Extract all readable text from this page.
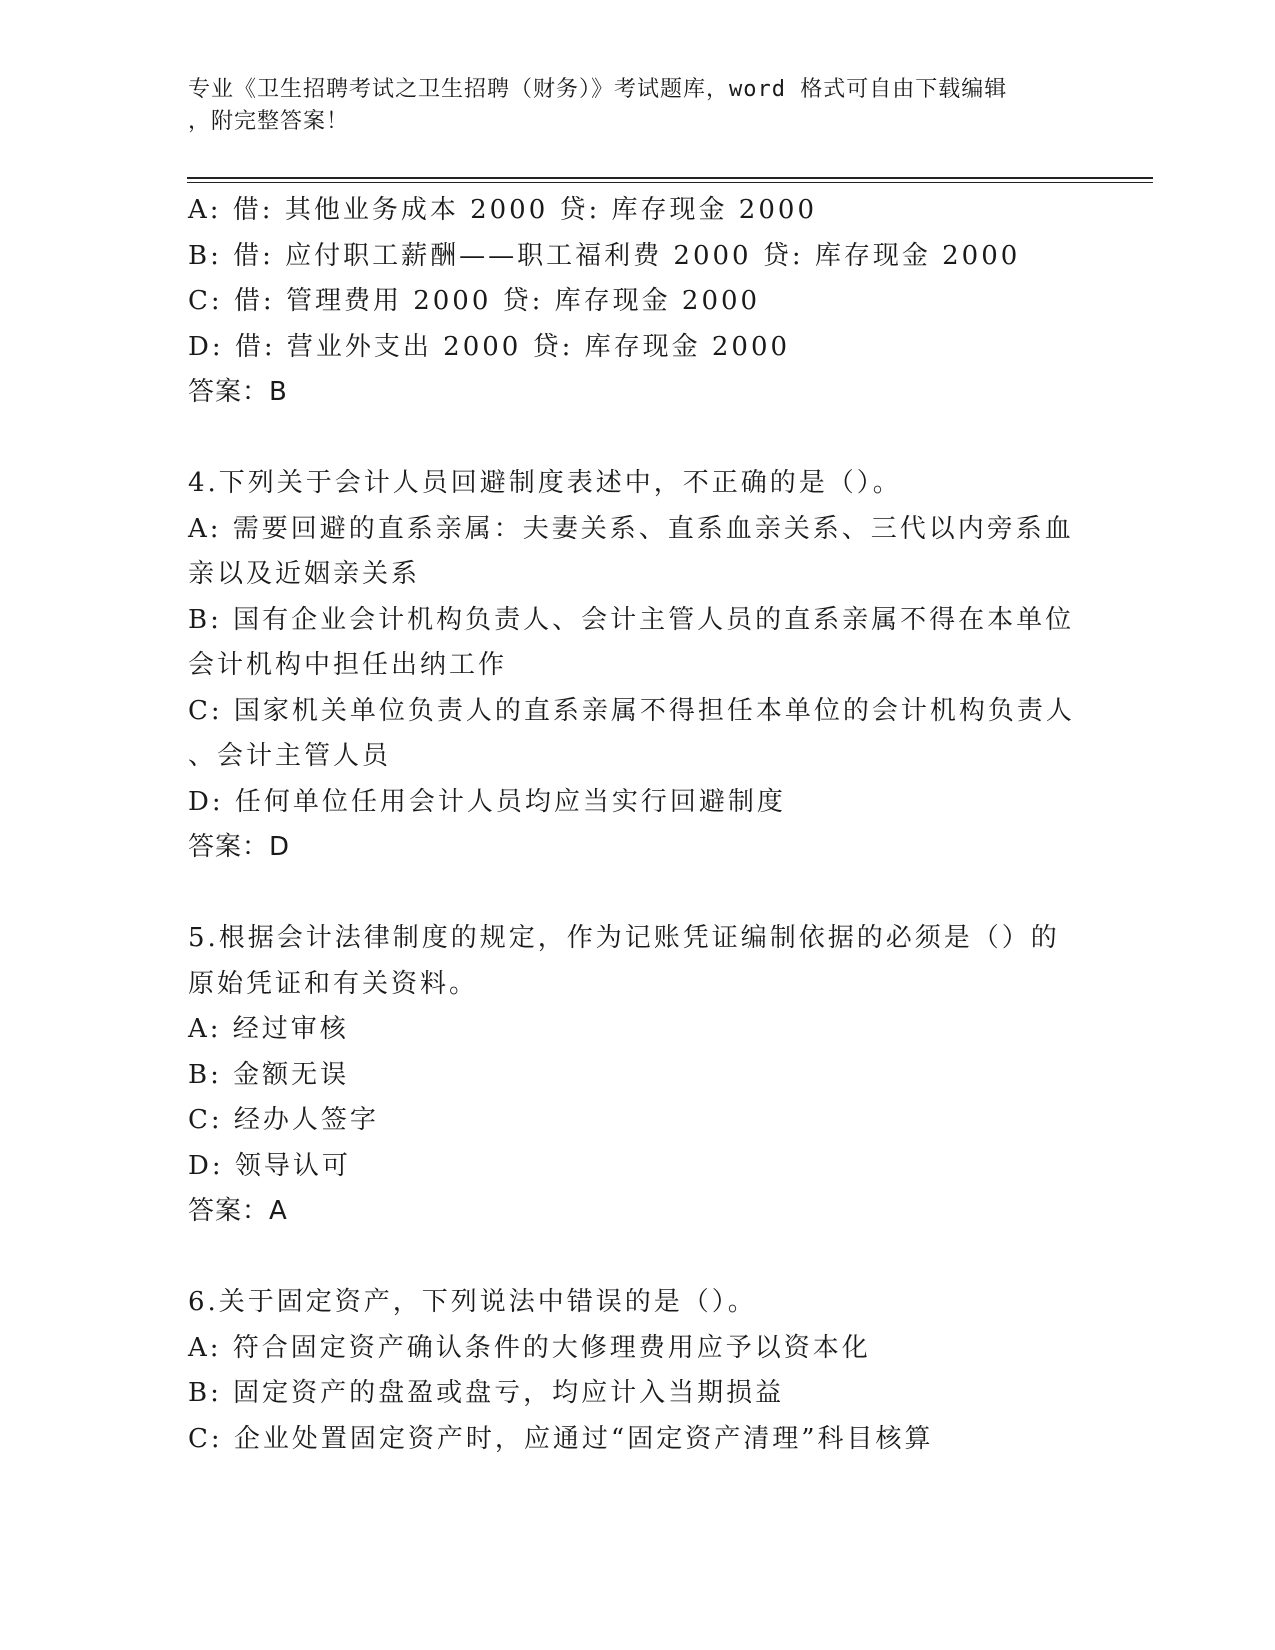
专业《卫生招聘考试之卫生招聘（财务）》考试题库，word 格式可自由下载编辑
，附完整答案！
A: 借: 其他业务成本 2000 贷: 库存现金 2000
B: 借: 应付职工薪酬——职工福利费 2000 贷: 库存现金 2000
C: 借: 管理费用 2000 贷: 库存现金 2000
D: 借: 营业外支出 2000 贷: 库存现金 2000
答案：B
4.下列关于会计人员回避制度表述中，不正确的是（）。
A: 需要回避的直系亲属：夫妻关系、直系血亲关系、三代以内旁系血
亲以及近姻亲关系
B: 国有企业会计机构负责人、会计主管人员的直系亲属不得在本单位
会计机构中担任出纳工作
C: 国家机关单位负责人的直系亲属不得担任本单位的会计机构负责人
、会计主管人员
D: 任何单位任用会计人员均应当实行回避制度
答案：D
5.根据会计法律制度的规定，作为记账凭证编制依据的必须是（）的
原始凭证和有关资料。
A: 经过审核
B: 金额无误
C: 经办人签字
D: 领导认可
答案：A
6.关于固定资产，下列说法中错误的是（）。
A: 符合固定资产确认条件的大修理费用应予以资本化
B: 固定资产的盘盈或盘亏，均应计入当期损益
C: 企业处置固定资产时，应通过“固定资产清理”科目核算
